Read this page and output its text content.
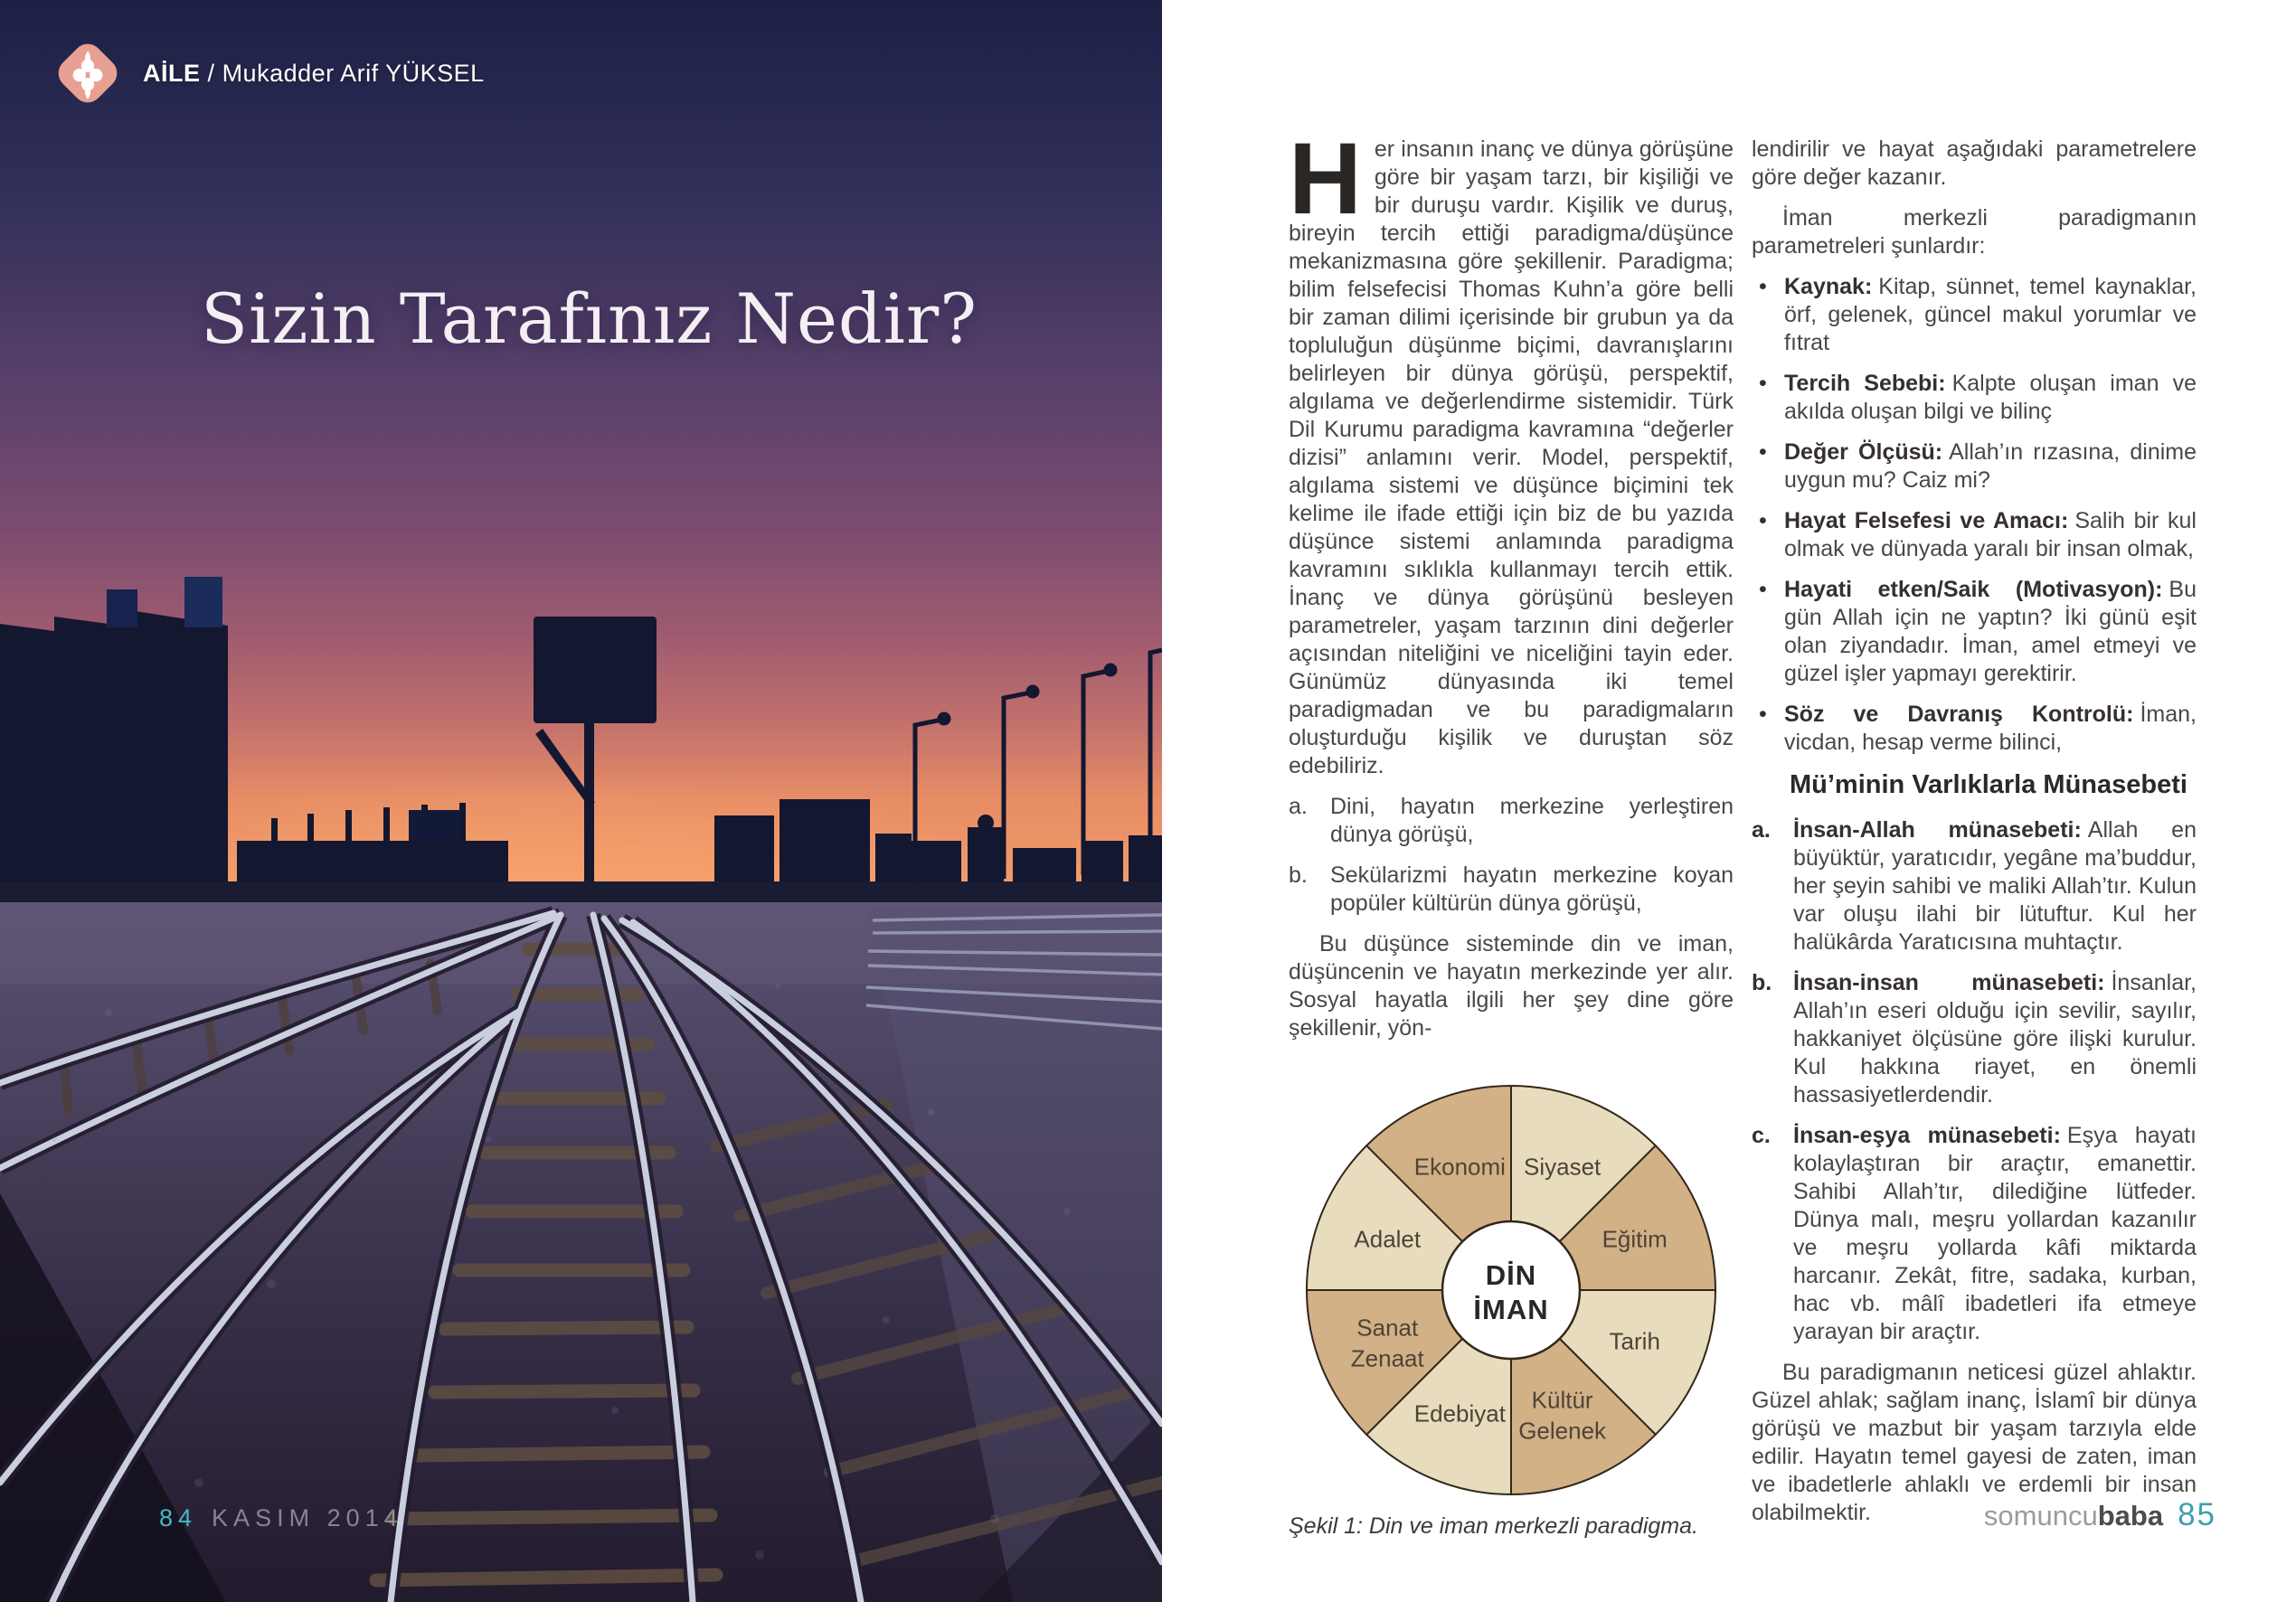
AİLE / Mukadder Arif YÜKSEL
Sizin Tarafınız Nedir?
84 KASIM 2014

Her insanın inanç ve dünya görüşüne göre bir yaşam tarzı, bir kişiliği ve bir duruşu vardır. Kişilik ve duruş, bireyin tercih ettiği paradigma/düşünce mekanizmasına göre şekillenir. Paradigma; bilim felsefecisi Thomas Kuhn’a göre belli bir zaman dilimi içerisinde bir grubun ya da topluluğun düşünme biçimi, davranışlarını belirleyen bir dünya görüşü, perspektif, algılama ve değerlendirme sistemidir. Türk Dil Kurumu paradigma kavramına “değerler dizisi” anlamını verir. Model, perspektif, algılama sistemi ve düşünce biçimini tek kelime ile ifade ettiği için biz de bu yazıda düşünce sistemi anlamında paradigma kavramını sıklıkla kullanmayı tercih ettik. İnanç ve dünya görüşünü besleyen parametreler, yaşam tarzının dini değerler açısından niteliğini ve niceliğini tayin eder. Günümüz dünyasında iki temel paradigmadan ve bu paradigmaların oluşturduğu kişilik ve duruştan söz edebiliriz.

a.	Dini, hayatın merkezine yerleştiren dünya görüşü,
b.	Sekülarizmi hayatın merkezine koyan popüler kültürün dünya görüşü,

Bu düşünce sisteminde din ve iman, düşüncenin ve hayatın merkezinde yer alır. Sosyal hayatla ilgili her şey dine göre şekillenir, yön-

Siyaset
Eğitim
Tarih
Kültür Gelenek
Edebiyat
Sanat Zenaat
Adalet
Ekonomi
DİN İMAN
Şekil 1: Din ve iman merkezli paradigma.

lendirilir ve hayat aşağıdaki parametrelere göre değer kazanır.

İman merkezli paradigmanın parametreleri şunlardır:

• Kaynak: Kitap, sünnet, temel kaynaklar, örf, gelenek, güncel makul yorumlar ve fıtrat
• Tercih Sebebi: Kalpte oluşan iman ve akılda oluşan bilgi ve bilinç
• Değer Ölçüsü: Allah’ın rızasına, dinime uygun mu? Caiz mi?
• Hayat Felsefesi ve Amacı: Salih bir kul olmak ve dünyada yaralı bir insan olmak,
• Hayati etken/Saik (Motivasyon): Bu gün Allah için ne yaptın? İki günü eşit olan ziyandadır. İman, amel etmeyi ve güzel işler yapmayı gerektirir.
• Söz ve Davranış Kontrolü: İman, vicdan, hesap verme bilinci,
Mü’minin Varlıklarla Münasebeti
a.	İnsan-Allah münasebeti: Allah en büyüktür, yaratıcıdır, yegâne ma’buddur, her şeyin sahibi ve maliki Allah’tır. Kulun var oluşu ilahi bir lütuftur. Kul her halükârda Yaratıcısına muhtaçtır.
b. İnsan-insan münasebeti: İnsanlar, Allah’ın eseri olduğu için sevilir, sayılır, hakkaniyet ölçüsüne göre ilişki kurulur. Kul hakkına riayet, en önemli hassasiyetlerdendir.
c.	İnsan-eşya münasebeti: Eşya hayatı kolaylaştıran bir araçtır, emanettir. Sahibi Allah’tır, dilediğine lütfeder. Dünya malı, meşru yollardan kazanılır ve meşru yollarda kâfi miktarda harcanır. Zekât, fitre, sadaka, kurban, hac vb. mâlî ibadetleri ifa etmeye yarayan bir araçtır.

Bu paradigmanın neticesi güzel ahlaktır. Güzel ahlak; sağlam inanç, İslamî bir dünya görüşü ve mazbut bir yaşam tarzıyla elde edilir. Hayatın temel gayesi de zaten, iman ve ibadetlerle ahlaklı ve erdemli bir insan olabilmektir.	somuncubaba 85
